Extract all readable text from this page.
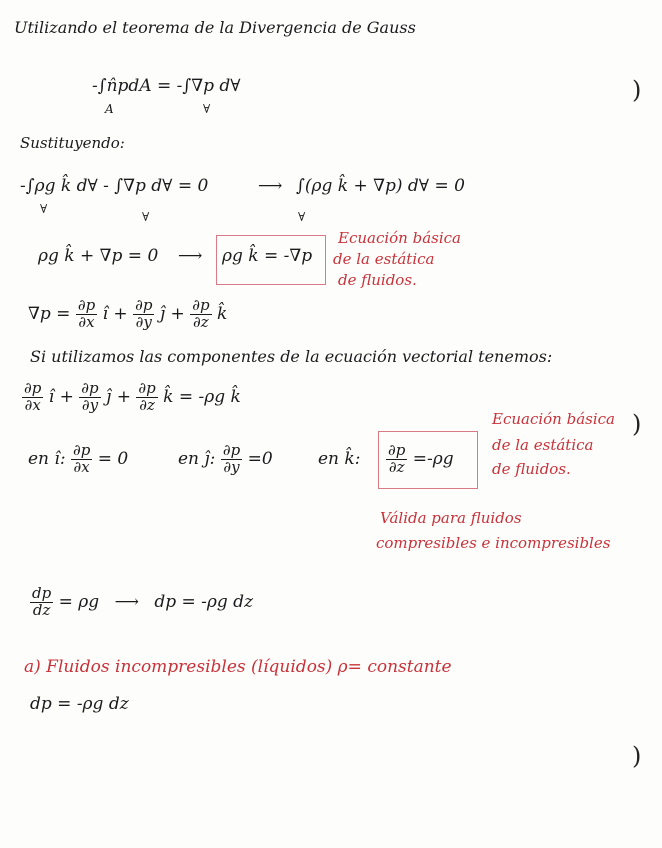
Utilizando el teorema de la Divergencia de Gauss
-∫n̂pdA = -∫∇p d∀
A	∀
)
Sustituyendo:
-∫ρg k̂ d∀ - ∫∇p d∀ = 0
∀
∀
⟶ ∫(ρg k̂ + ∇p) d∀ = 0
∀
ρg k̂ + ∇p = 0 ⟶ ρg k̂ = -∇p
Ecuación básica
de la estática
de fluidos.
$\nabla p = \frac{\partial p}{\partial x}$ î + $\frac{\partial p}{\partial y}$ ĵ + $\frac{\partial p}{\partial z}$ k̂
Si utilizamos las componentes de la ecuación vectorial tenemos:
$\frac{\partial p}{\partial x}$ î + $\frac{\partial p}{\partial y}$ ĵ + $\frac{\partial p}{\partial z}$ k̂ = -ρg k̂
en î: $\frac{\partial p}{\partial x} = 0$	en ĵ: $\frac{\partial p}{\partial y} =0$	en k̂: $\frac{\partial p}{\partial z} =-\rho g$
Ecuación básica
de la estática
de fluidos.
)
Válida para fluidos
compresibles e incompresibles
$\frac{dp}{dz} = \rho g$ ⟶ dp = -ρg dz
a) Fluidos incompresibles (líquidos) ρ= constante
dp = -ρg dz
)
